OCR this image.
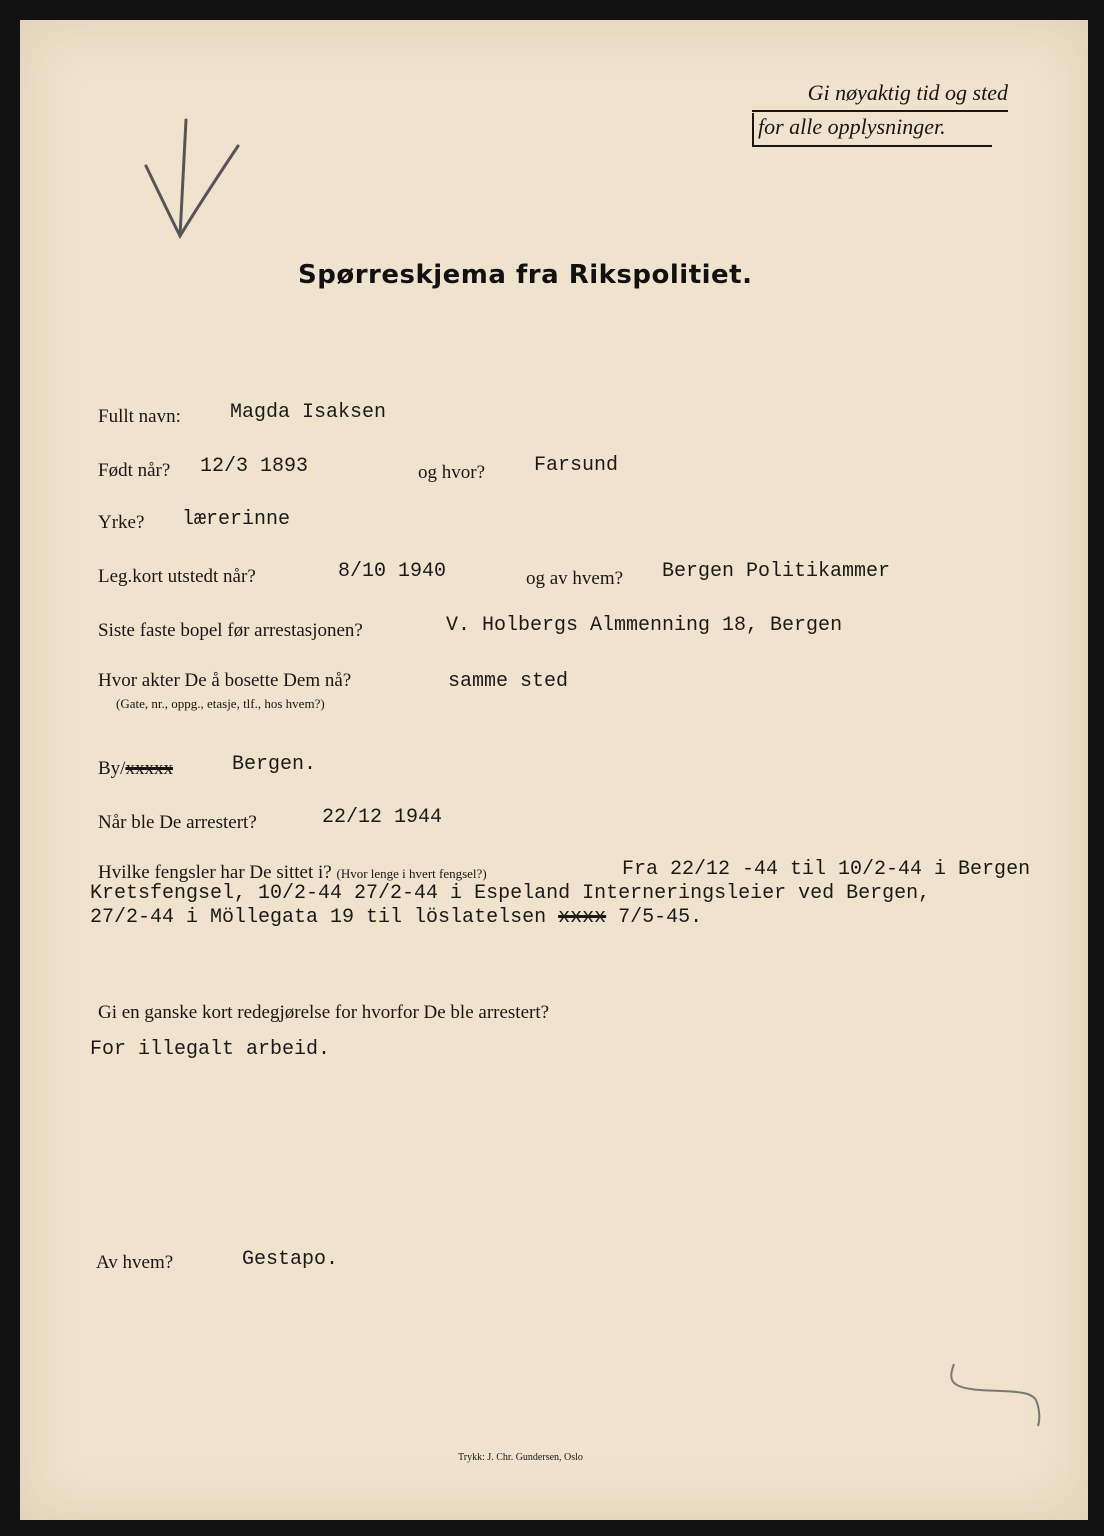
Gi nøyaktig tid og sted
for alle opplysninger.
Spørreskjema fra Rikspolitiet.
Fullt navn: Magda Isaksen
Født når? 12/3 1893	og hvor? Farsund
Yrke? lærerinne
Leg.kort utstedt når?	8/10 1940	og av hvem? Bergen Politikammer
Siste faste bopel før arrestasjonen?	V. Holbergs Almmenning 18, Bergen
Hvor akter De å bosette Dem nå?
(Gate, nr., oppg., etasje, tlf., hos hvem?)
samme sted
By/xxxxx	Bergen.
Når ble De arrestert?	22/12 1944
Hvilke fengsler har De sittet i? (Hvor lenge i hvert fengsel?)	Fra 22/12 -44 til 10/2-44 i Bergen
Kretsfengsel, 10/2-44 27/2-44 i Espeland Interneringsleier ved Bergen,
27/2-44 i Möllegata 19 til löslatelsen xxxx 7/5-45.
Gi en ganske kort redegjørelse for hvorfor De ble arrestert?
For illegalt arbeid.
Av hvem?	Gestapo.
Trykk: J. Chr. Gundersen, Oslo
